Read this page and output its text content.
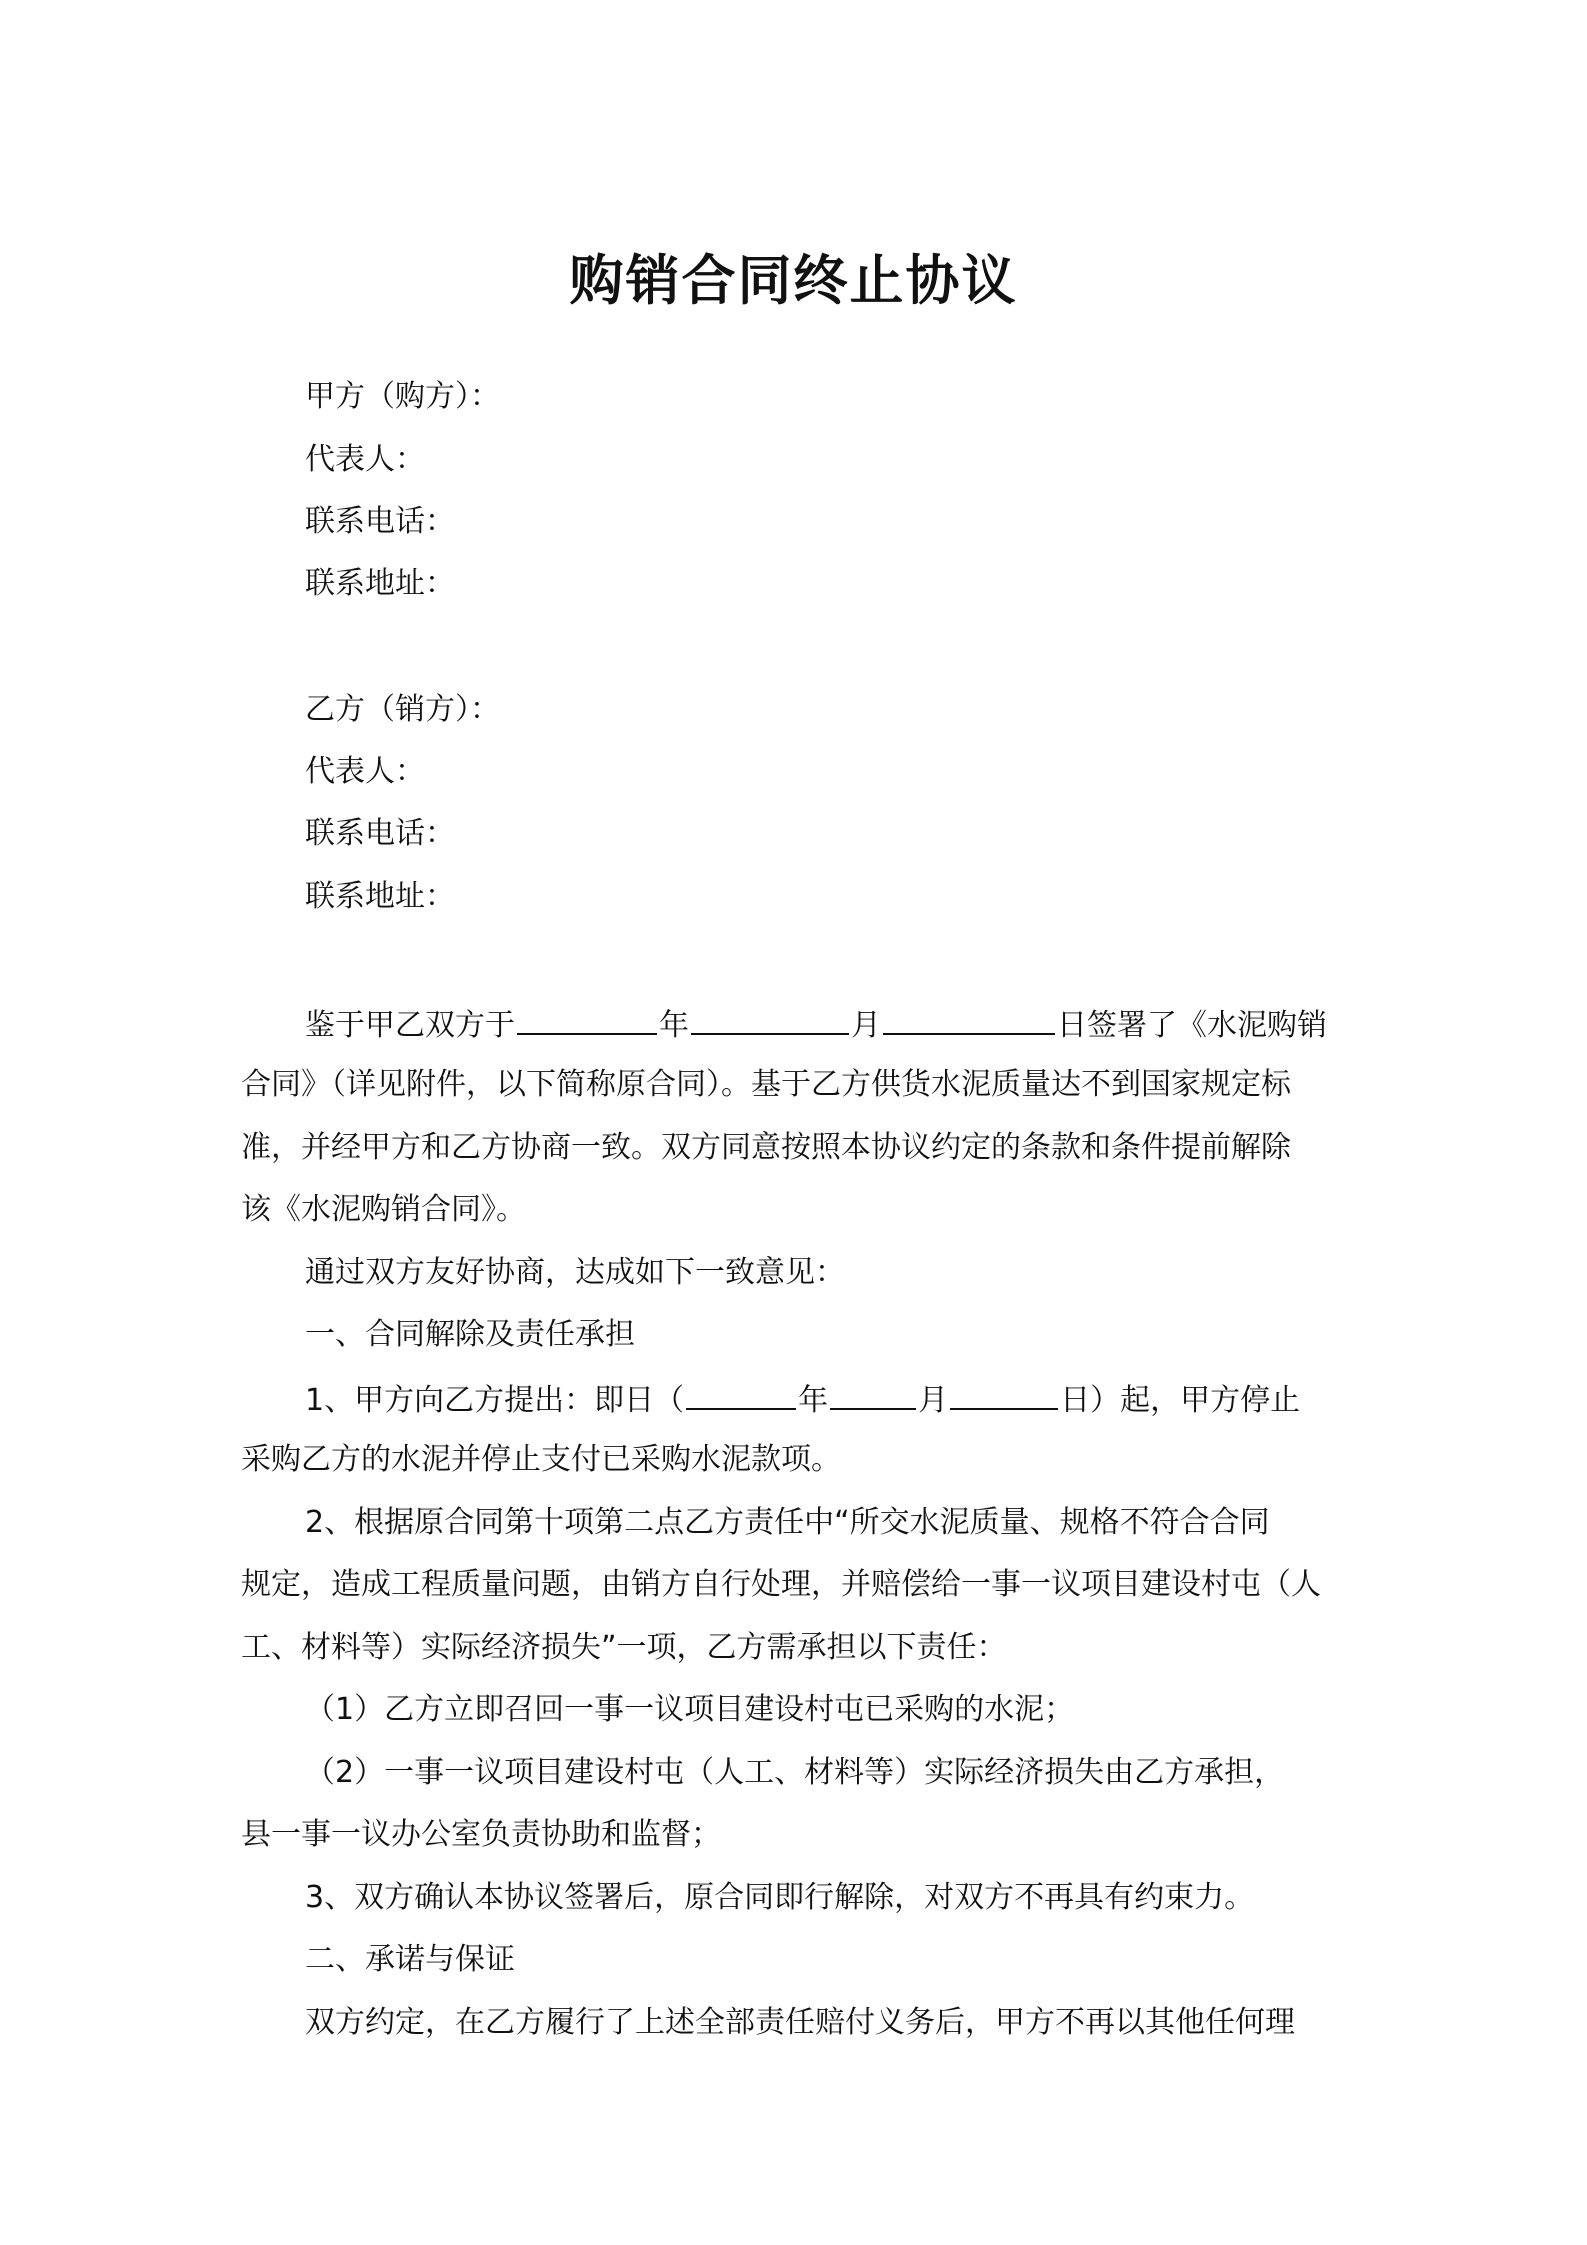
购销合同终止协议
甲方（购方）：
代表人：
联系电话：
联系地址：
乙方（销方）：
代表人：
联系电话：
联系地址：
鉴于甲乙双方于	年	月	日签署了《水泥购销
合同》（详见附件，以下简称原合同）。基于乙方供货水泥质量达不到国家规定标
准，并经甲方和乙方协商一致。双方同意按照本协议约定的条款和条件提前解除
该《水泥购销合同》。
通过双方友好协商，达成如下一致意见：
一、合同解除及责任承担
1、甲方向乙方提出：即日（	年	月	日）起，甲方停止
采购乙方的水泥并停止支付已采购水泥款项。
2、根据原合同第十项第二点乙方责任中“所交水泥质量、规格不符合合同
规定，造成工程质量问题，由销方自行处理，并赔偿给一事一议项目建设村屯（人
工、材料等）实际经济损失”一项，乙方需承担以下责任：
（1）乙方立即召回一事一议项目建设村屯已采购的水泥；
（2）一事一议项目建设村屯（人工、材料等）实际经济损失由乙方承担，
县一事一议办公室负责协助和监督；
3、双方确认本协议签署后，原合同即行解除，对双方不再具有约束力。
二、承诺与保证
双方约定，在乙方履行了上述全部责任赔付义务后，甲方不再以其他任何理
